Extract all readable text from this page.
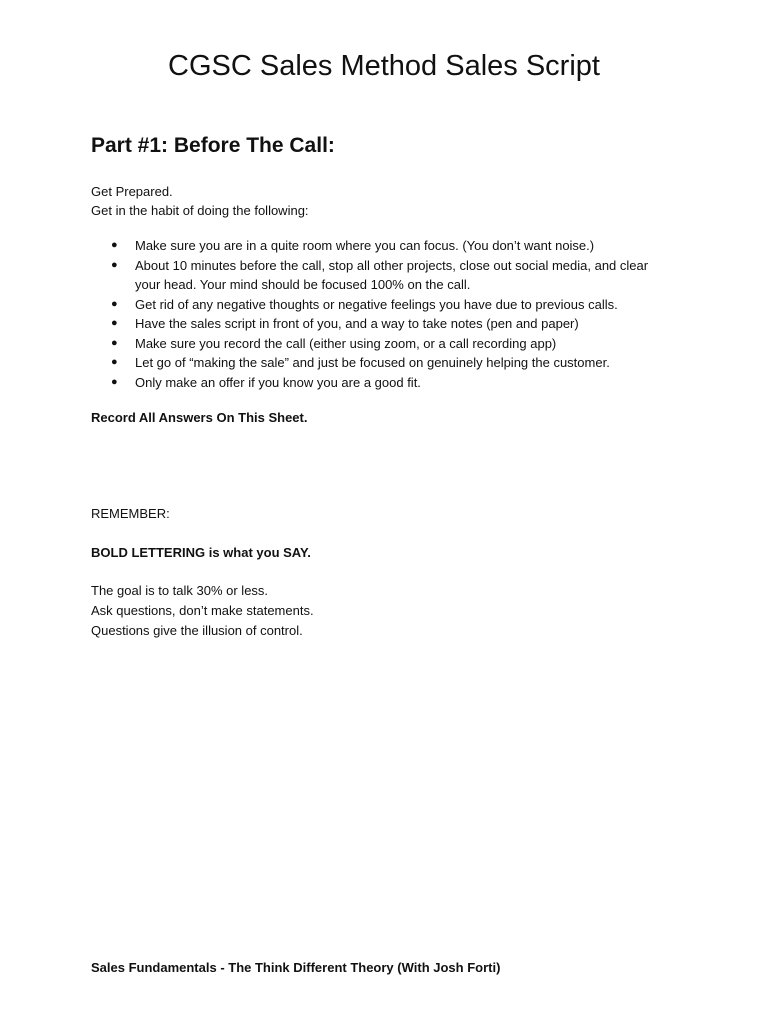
CGSC Sales Method Sales Script
Part #1: Before The Call:
Get Prepared.
Get in the habit of doing the following:
● Make sure you are in a quite room where you can focus. (You don’t want noise.)
● About 10 minutes before the call, stop all other projects, close out social media, and clear your head. Your mind should be focused 100% on the call.
● Get rid of any negative thoughts or negative feelings you have due to previous calls.
● Have the sales script in front of you, and a way to take notes (pen and paper)
● Make sure you record the call (either using zoom, or a call recording app)
● Let go of “making the sale” and just be focused on genuinely helping the customer.
● Only make an offer if you know you are a good fit.

Record All Answers On This Sheet.

REMEMBER:

BOLD LETTERING is what you SAY.

The goal is to talk 30% or less.
Ask questions, don’t make statements.
Questions give the illusion of control.

Sales Fundamentals - The Think Different Theory (With Josh Forti)
